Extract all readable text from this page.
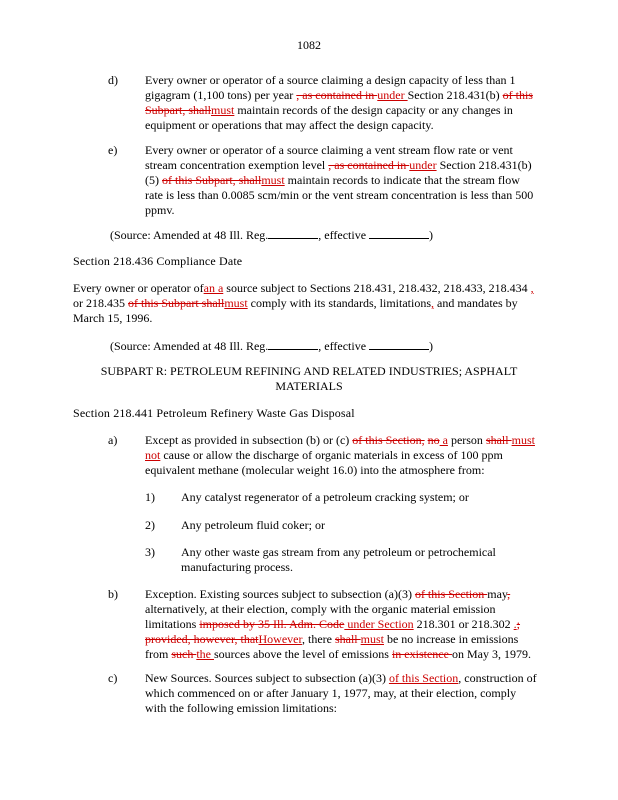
1082
d) Every owner or operator of a source claiming a design capacity of less than 1 gigagram (1,100 tons) per year , as contained in under Section 218.431(b) of this Subpart, shallmust maintain records of the design capacity or any changes in equipment or operations that may affect the design capacity.
e) Every owner or operator of a source claiming a vent stream flow rate or vent stream concentration exemption level , as contained in under Section 218.431(b)(5) of this Subpart, shallmust maintain records to indicate that the stream flow rate is less than 0.0085 scm/min or the vent stream concentration is less than 500 ppmv.
(Source: Amended at 48 Ill. Reg.	, effective	)
Section 218.436 Compliance Date
Every owner or operator ofan a source subject to Sections 218.431, 218.432, 218.433, 218.434 , or 218.435 of this Subpart shallmust comply with its standards, limitations, and mandates by March 15, 1996.
(Source: Amended at 48 Ill. Reg.	, effective	)
SUBPART R: PETROLEUM REFINING AND RELATED INDUSTRIES; ASPHALT MATERIALS
Section 218.441 Petroleum Refinery Waste Gas Disposal
a) Except as provided in subsection (b) or (c) of this Section, no a person shall must not cause or allow the discharge of organic materials in excess of 100 ppm equivalent methane (molecular weight 16.0) into the atmosphere from:
1) Any catalyst regenerator of a petroleum cracking system; or
2) Any petroleum fluid coker; or
3) Any other waste gas stream from any petroleum or petrochemical manufacturing process.
b) Exception. Existing sources subject to subsection (a)(3) of this Section may, alternatively, at their election, comply with the organic material emission limitations imposed by 35 Ill. Adm. Code under Section 218.301 or 218.302 .; provided, however, thatHowever, there shall must be no increase in emissions from such the sources above the level of emissions in existence on May 3, 1979.
c) New Sources. Sources subject to subsection (a)(3) of this Section, construction of which commenced on or after January 1, 1977, may, at their election, comply with the following emission limitations:
